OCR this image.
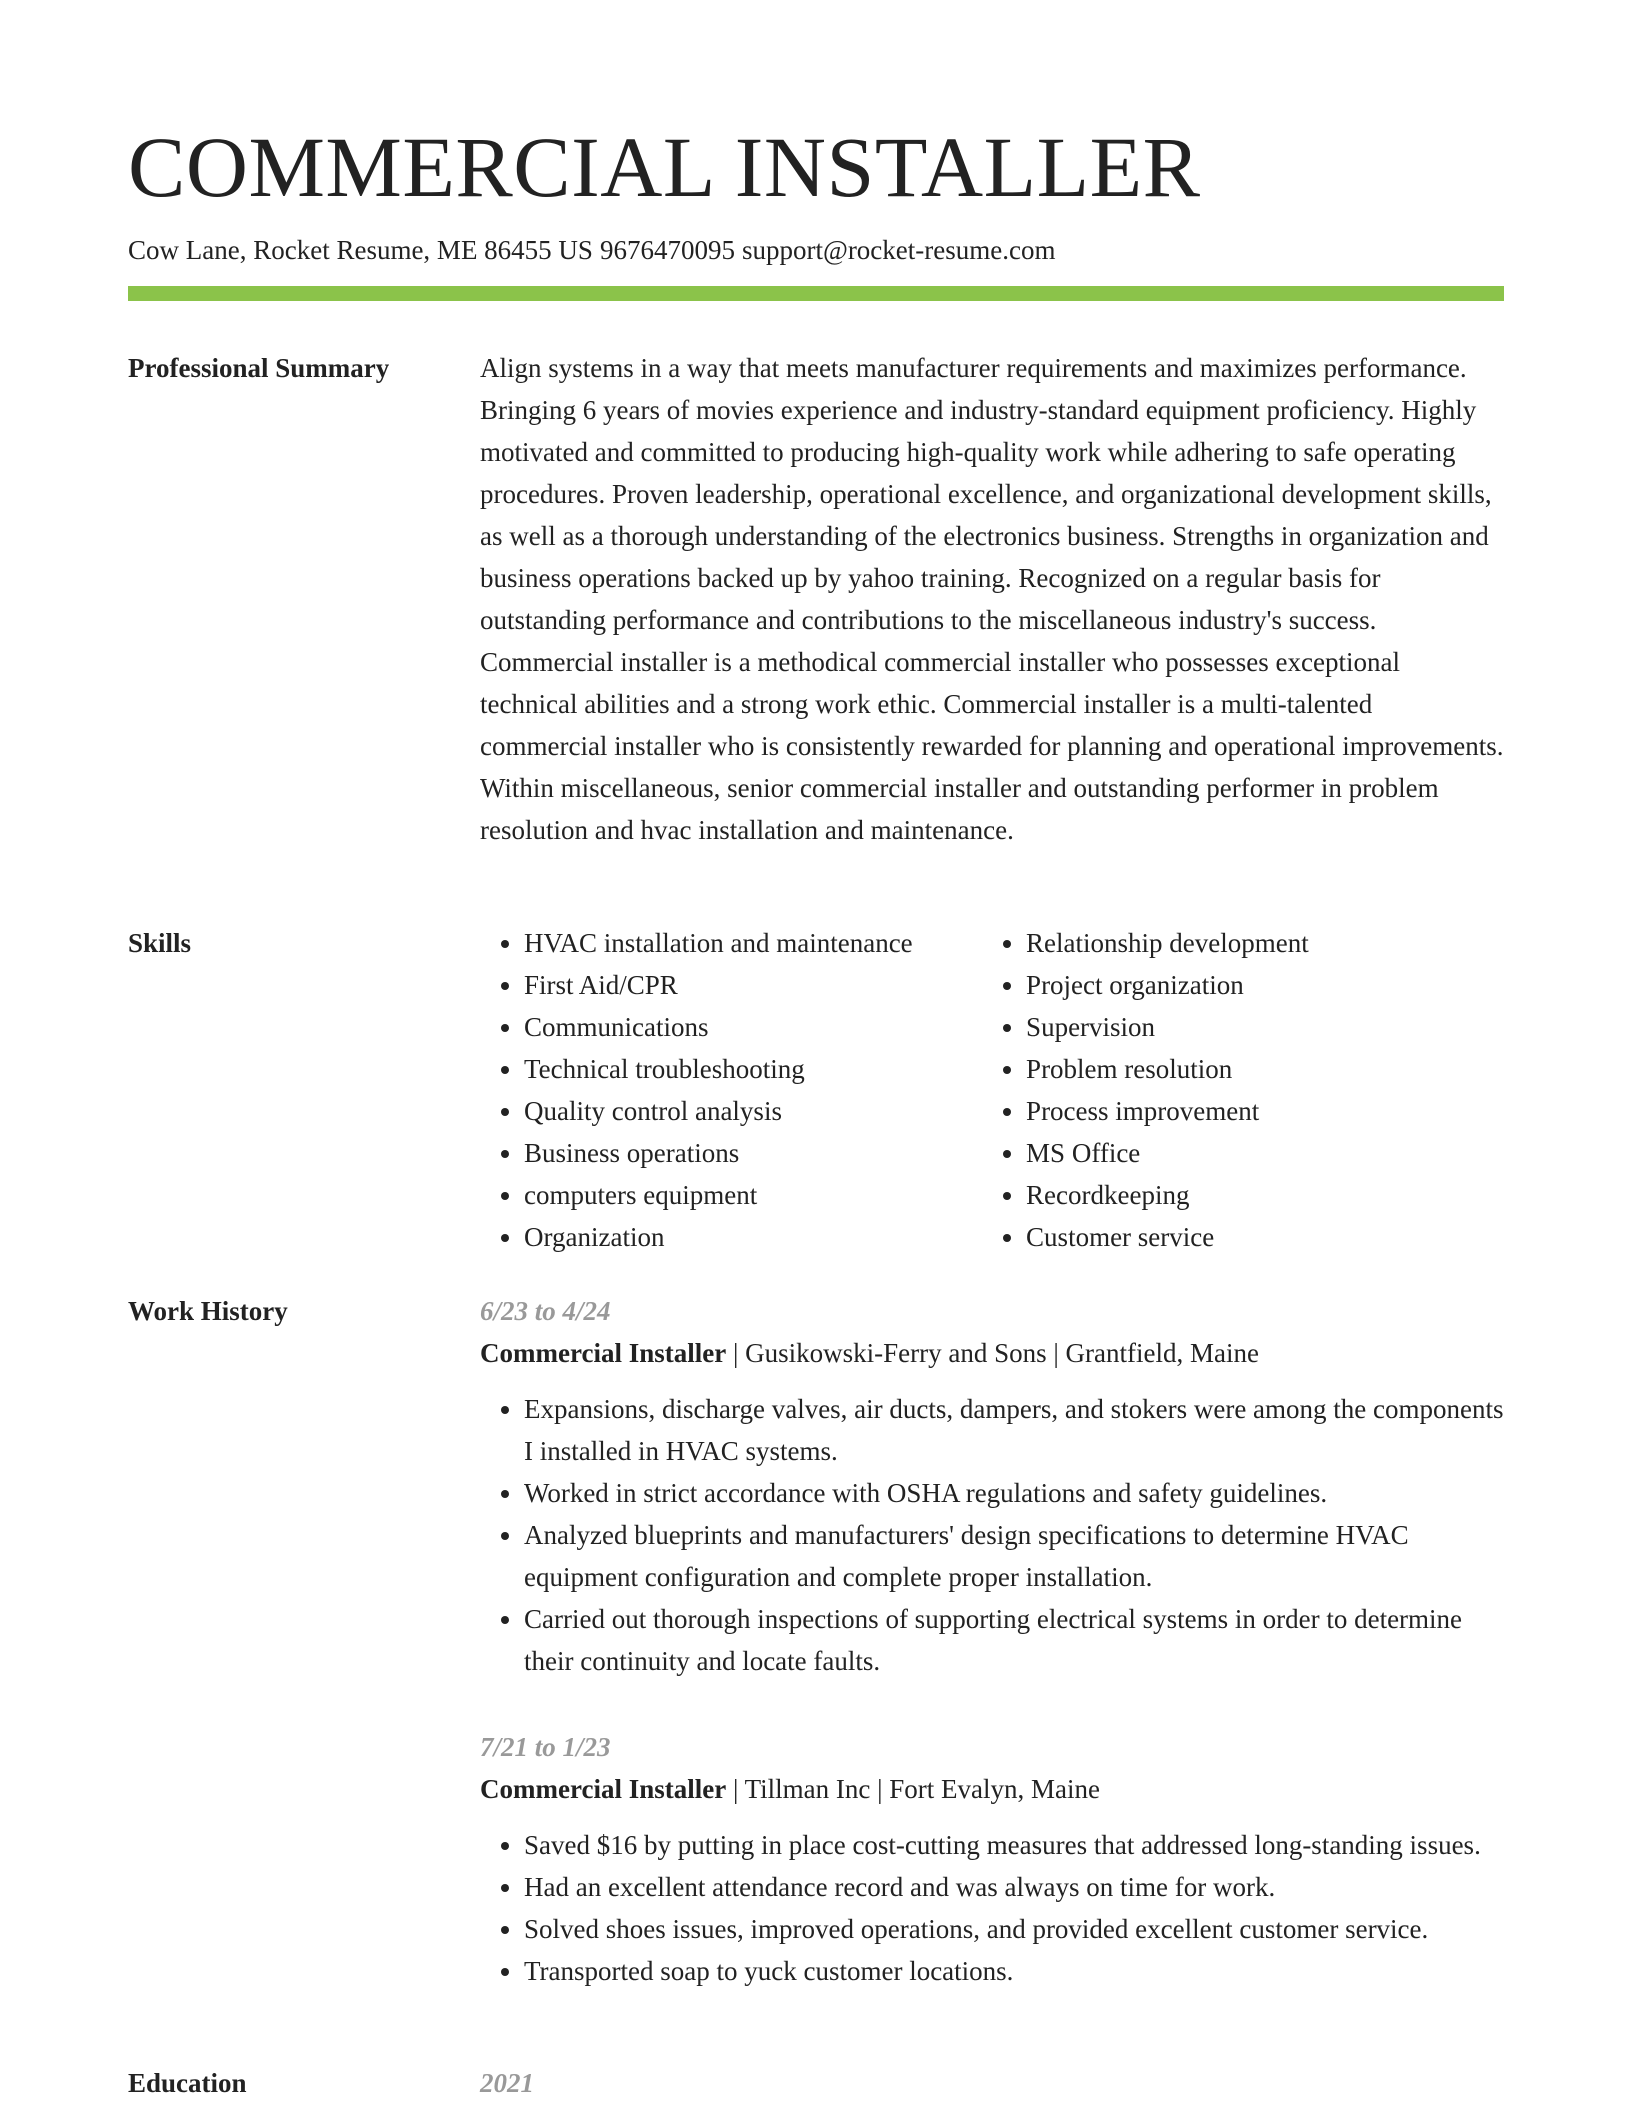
COMMERCIAL INSTALLER
Cow Lane, Rocket Resume, ME 86455 US 9676470095 support@rocket-resume.com
Professional Summary	Align systems in a way that meets manufacturer requirements and maximizes performance. Bringing 6 years of movies experience and industry-standard equipment proficiency. Highly motivated and committed to producing high-quality work while adhering to safe operating procedures. Proven leadership, operational excellence, and organizational development skills, as well as a thorough understanding of the electronics business. Strengths in organization and business operations backed up by yahoo training. Recognized on a regular basis for outstanding performance and contributions to the miscellaneous industry's success. Commercial installer is a methodical commercial installer who possesses exceptional technical abilities and a strong work ethic. Commercial installer is a multi-talented commercial installer who is consistently rewarded for planning and operational improvements. Within miscellaneous, senior commercial installer and outstanding performer in problem resolution and hvac installation and maintenance.

Skills
•	HVAC installation and maintenance
• First Aid/CPR
• Communications
• Technical troubleshooting
• Quality control analysis
• Business operations
• computers equipment
• Organization
• Relationship development
• Project organization
• Supervision
• Problem resolution
• Process improvement
• MS Office
• Recordkeeping
• Customer service
Work History	6/23 to 4/24
Commercial Installer | Gusikowski-Ferry and Sons | Grantfield, Maine
• Expansions, discharge valves, air ducts, dampers, and stokers were among the components I installed in HVAC systems.
• Worked in strict accordance with OSHA regulations and safety guidelines.
• Analyzed blueprints and manufacturers' design specifications to determine HVAC equipment configuration and complete proper installation.
• Carried out thorough inspections of supporting electrical systems in order to determine their continuity and locate faults.
7/21 to 1/23
Commercial Installer | Tillman Inc | Fort Evalyn, Maine
• Saved $16 by putting in place cost-cutting measures that addressed long-standing issues.
• Had an excellent attendance record and was always on time for work.
• Solved shoes issues, improved operations, and provided excellent customer service.
• Transported soap to yuck customer locations.
Education	2021
